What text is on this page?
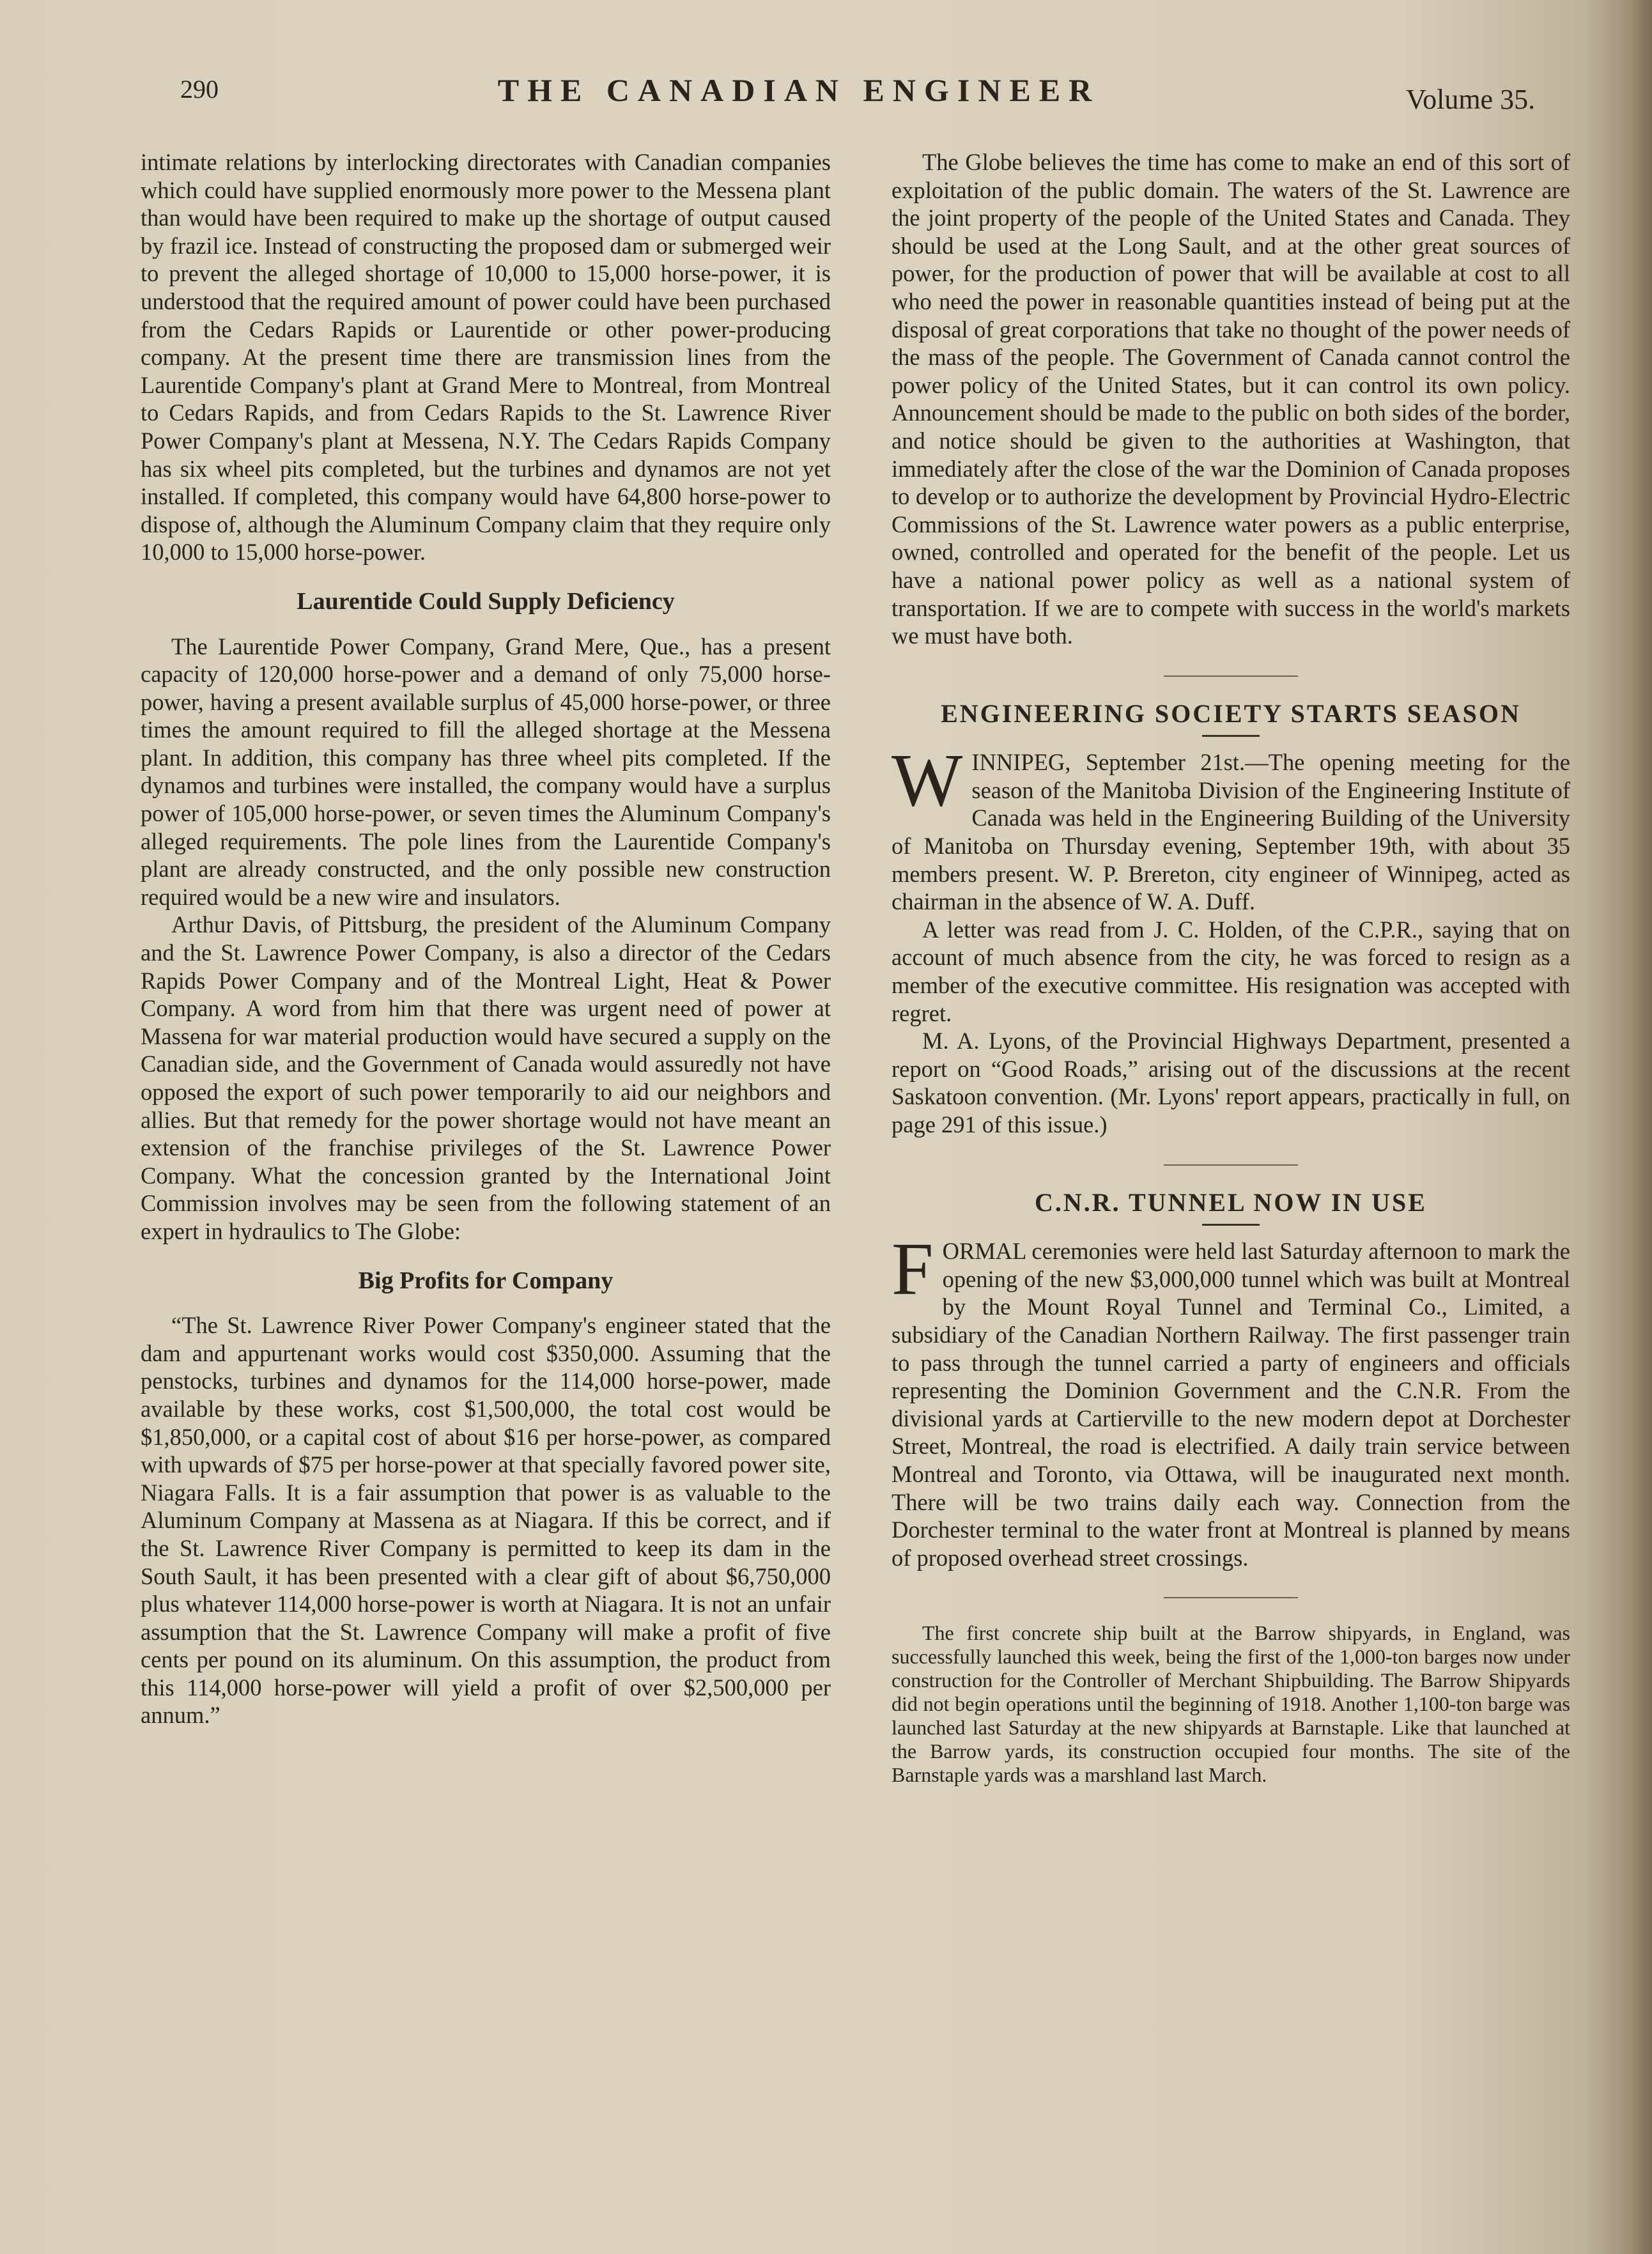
290	THE CANADIAN ENGINEER	Volume 35.

intimate relations by interlocking directorates with Canadian companies which could have supplied enormously more power to the Messena plant than would have been required to make up the shortage of output caused by frazil ice. Instead of constructing the proposed dam or submerged weir to prevent the alleged shortage of 10,000 to 15,000 horse-power, it is understood that the required amount of power could have been purchased from the Cedars Rapids or Laurentide or other power-producing company. At the present time there are transmission lines from the Laurentide Company's plant at Grand Mere to Montreal, from Montreal to Cedars Rapids, and from Cedars Rapids to the St. Lawrence River Power Company's plant at Messena, N.Y. The Cedars Rapids Company has six wheel pits completed, but the turbines and dynamos are not yet installed. If completed, this company would have 64,800 horse-power to dispose of, although the Aluminum Company claim that they require only 10,000 to 15,000 horse-power.

Laurentide Could Supply Deficiency

The Laurentide Power Company, Grand Mere, Que., has a present capacity of 120,000 horse-power and a demand of only 75,000 horse-power, having a present available surplus of 45,000 horse-power, or three times the amount required to fill the alleged shortage at the Messena plant. In addition, this company has three wheel pits completed. If the dynamos and turbines were installed, the company would have a surplus power of 105,000 horse-power, or seven times the Aluminum Company's alleged requirements. The pole lines from the Laurentide Company's plant are already constructed, and the only possible new construction required would be a new wire and insulators.

Arthur Davis, of Pittsburg, the president of the Aluminum Company and the St. Lawrence Power Company, is also a director of the Cedars Rapids Power Company and of the Montreal Light, Heat & Power Company. A word from him that there was urgent need of power at Massena for war material production would have secured a supply on the Canadian side, and the Government of Canada would assuredly not have opposed the export of such power temporarily to aid our neighbors and allies. But that remedy for the power shortage would not have meant an extension of the franchise privileges of the St. Lawrence Power Company. What the concession granted by the International Joint Commission involves may be seen from the following statement of an expert in hydraulics to The Globe:

Big Profits for Company

“The St. Lawrence River Power Company's engineer stated that the dam and appurtenant works would cost $350,000. Assuming that the penstocks, turbines and dynamos for the 114,000 horse-power, made available by these works, cost $1,500,000, the total cost would be $1,850,000, or a capital cost of about $16 per horse-power, as compared with upwards of $75 per horse-power at that specially favored power site, Niagara Falls. It is a fair assumption that power is as valuable to the Aluminum Company at Massena as at Niagara. If this be correct, and if the St. Lawrence River Company is permitted to keep its dam in the South Sault, it has been presented with a clear gift of about $6,750,000 plus whatever 114,000 horse-power is worth at Niagara. It is not an unfair assumption that the St. Lawrence Company will make a profit of five cents per pound on its aluminum. On this assumption, the product from this 114,000 horse-power will yield a profit of over $2,500,000 per annum.”

The Globe believes the time has come to make an end of this sort of exploitation of the public domain. The waters of the St. Lawrence are the joint property of the people of the United States and Canada. They should be used at the Long Sault, and at the other great sources of power, for the production of power that will be available at cost to all who need the power in reasonable quantities instead of being put at the disposal of great corporations that take no thought of the power needs of the mass of the people. The Government of Canada cannot control the power policy of the United States, but it can control its own policy. Announcement should be made to the public on both sides of the border, and notice should be given to the authorities at Washington, that immediately after the close of the war the Dominion of Canada proposes to develop or to authorize the development by Provincial Hydro-Electric Commissions of the St. Lawrence water powers as a public enterprise, owned, controlled and operated for the benefit of the people. Let us have a national power policy as well as a national system of transportation. If we are to compete with success in the world's markets we must have both.

ENGINEERING SOCIETY STARTS SEASON

WINNIPEG, September 21st.—The opening meeting for the season of the Manitoba Division of the Engineering Institute of Canada was held in the Engineering Building of the University of Manitoba on Thursday evening, September 19th, with about 35 members present. W. P. Brereton, city engineer of Winnipeg, acted as chairman in the absence of W. A. Duff.

A letter was read from J. C. Holden, of the C.P.R., saying that on account of much absence from the city, he was forced to resign as a member of the executive committee. His resignation was accepted with regret.

M. A. Lyons, of the Provincial Highways Department, presented a report on “Good Roads,” arising out of the discussions at the recent Saskatoon convention. (Mr. Lyons' report appears, practically in full, on page 291 of this issue.)

C.N.R. TUNNEL NOW IN USE

FORMAL ceremonies were held last Saturday afternoon to mark the opening of the new $3,000,000 tunnel which was built at Montreal by the Mount Royal Tunnel and Terminal Co., Limited, a subsidiary of the Canadian Northern Railway. The first passenger train to pass through the tunnel carried a party of engineers and officials representing the Dominion Government and the C.N.R. From the divisional yards at Cartierville to the new modern depot at Dorchester Street, Montreal, the road is electrified. A daily train service between Montreal and Toronto, via Ottawa, will be inaugurated next month. There will be two trains daily each way. Connection from the Dorchester terminal to the water front at Montreal is planned by means of proposed overhead street crossings.

The first concrete ship built at the Barrow shipyards, in England, was successfully launched this week, being the first of the 1,000-ton barges now under construction for the Controller of Merchant Shipbuilding. The Barrow Shipyards did not begin operations until the beginning of 1918. Another 1,100-ton barge was launched last Saturday at the new shipyards at Barnstaple. Like that launched at the Barrow yards, its construction occupied four months. The site of the Barnstaple yards was a marshland last March.
